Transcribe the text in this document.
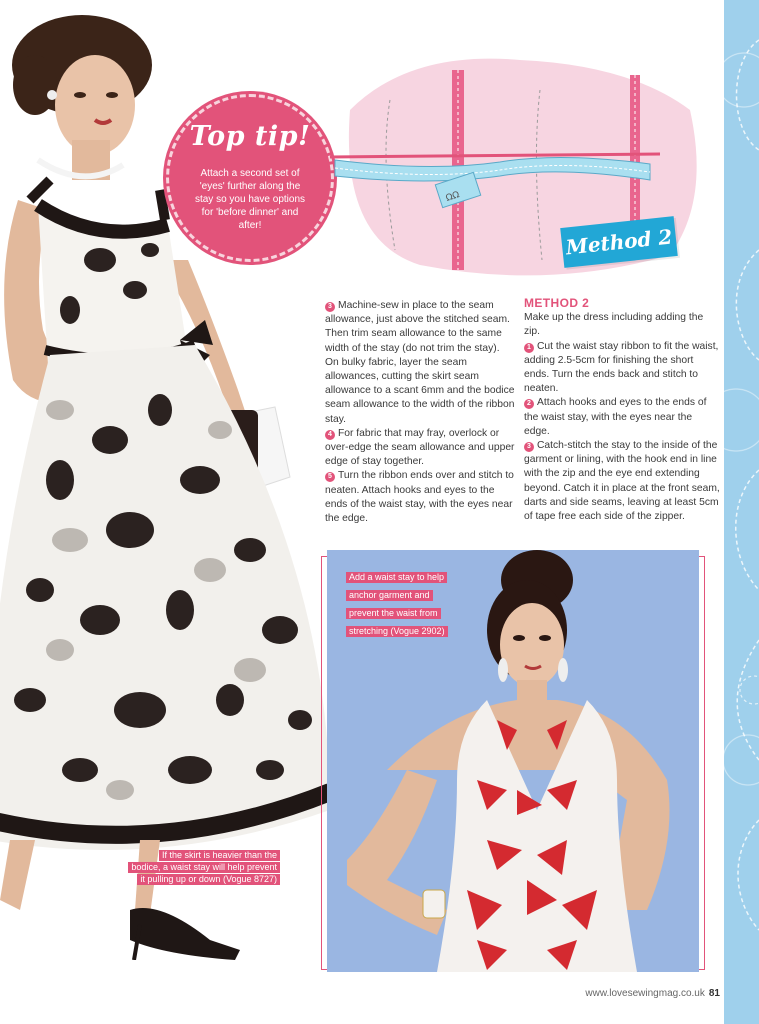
Top tip!
Attach a second set of 'eyes' further along the stay so you have options for 'before dinner' and after!
ΩΩ
Method 2

3 Machine-sew in place to the seam allowance, just above the stitched seam. Then trim seam allowance to the same width of the stay (do not trim the stay). On bulky fabric, layer the seam allowances, cutting the skirt seam allowance to a scant 6mm and the bodice seam allowance to the width of the ribbon stay.

4 For fabric that may fray, overlock or over-edge the seam allowance and upper edge of stay together.

5 Turn the ribbon ends over and stitch to neaten. Attach hooks and eyes to the ends of the waist stay, with the eyes near the edge.

METHOD 2

Make up the dress including adding the zip.

1 Cut the waist stay ribbon to fit the waist, adding 2.5-5cm for finishing the short ends. Turn the ends back and stitch to neaten.

2 Attach hooks and eyes to the ends of the waist stay, with the eyes near the edge.

3 Catch-stitch the stay to the inside of the garment or lining, with the hook end in line with the zip and the eye end extending beyond. Catch it in place at the front seam, darts and side seams, leaving at least 5cm of tape free each side of the zipper.

Add a waist stay to help
anchor garment and
prevent the waist from
stretching (Vogue 2902)
If the skirt is heavier than the
bodice, a waist stay will help prevent
it pulling up or down (Vogue 8727)
www.lovesewingmag.co.uk 81
